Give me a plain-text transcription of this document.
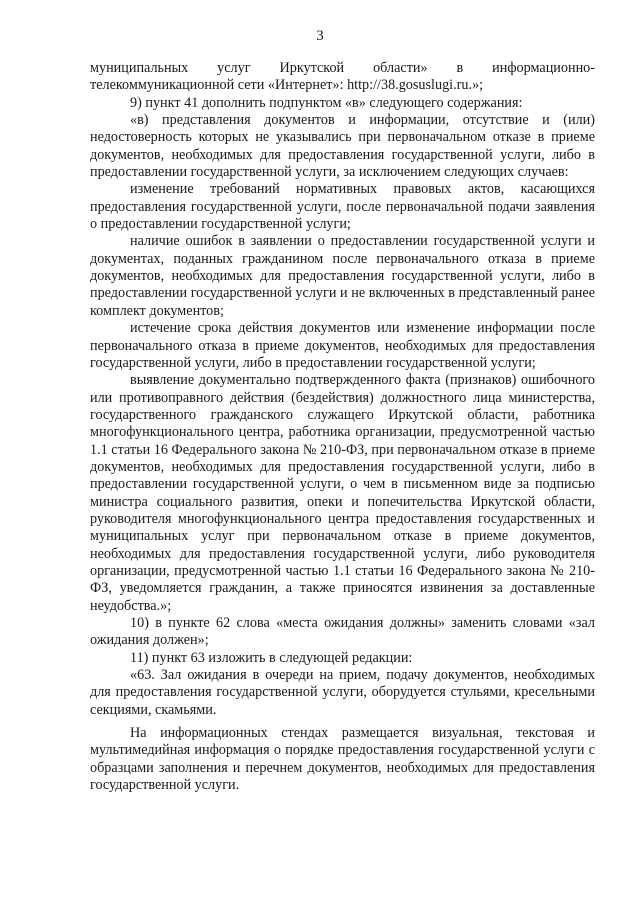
3

муниципальных услуг Иркутской области» в информационно-телекоммуникационной сети «Интернет»: http://38.gosuslugi.ru.»;

9) пункт 41 дополнить подпунктом «в» следующего содержания:

«в) представления документов и информации, отсутствие и (или) недостоверность которых не указывались при первоначальном отказе в приеме документов, необходимых для предоставления государственной услуги, либо в предоставлении государственной услуги, за исключением следующих случаев:

изменение требований нормативных правовых актов, касающихся предоставления государственной услуги, после первоначальной подачи заявления о предоставлении государственной услуги;

наличие ошибок в заявлении о предоставлении государственной услуги и документах, поданных гражданином после первоначального отказа в приеме документов, необходимых для предоставления государственной услуги, либо в предоставлении государственной услуги и не включенных в представленный ранее комплект документов;

истечение срока действия документов или изменение информации после первоначального отказа в приеме документов, необходимых для предоставления государственной услуги, либо в предоставлении государственной услуги;

выявление документально подтвержденного факта (признаков) ошибочного или противоправного действия (бездействия) должностного лица министерства, государственного гражданского служащего Иркутской области, работника многофункционального центра, работника организации, предусмотренной частью 1.1 статьи 16 Федерального закона № 210-ФЗ, при первоначальном отказе в приеме документов, необходимых для предоставления государственной услуги, либо в предоставлении государственной услуги, о чем в письменном виде за подписью министра социального развития, опеки и попечительства Иркутской области, руководителя многофункционального центра предоставления государственных и муниципальных услуг при первоначальном отказе в приеме документов, необходимых для предоставления государственной услуги, либо руководителя организации, предусмотренной частью 1.1 статьи 16 Федерального закона № 210-ФЗ, уведомляется гражданин, а также приносятся извинения за доставленные неудобства.»;

10) в пункте 62 слова «места ожидания должны» заменить словами «зал ожидания должен»;

11) пункт 63 изложить в следующей редакции:

«63. Зал ожидания в очереди на прием, подачу документов, необходимых для предоставления государственной услуги, оборудуется стульями, кресельными секциями, скамьями.

На информационных стендах размещается визуальная, текстовая и мультимедийная информация о порядке предоставления государственной услуги с образцами заполнения и перечнем документов, необходимых для предоставления государственной услуги.
